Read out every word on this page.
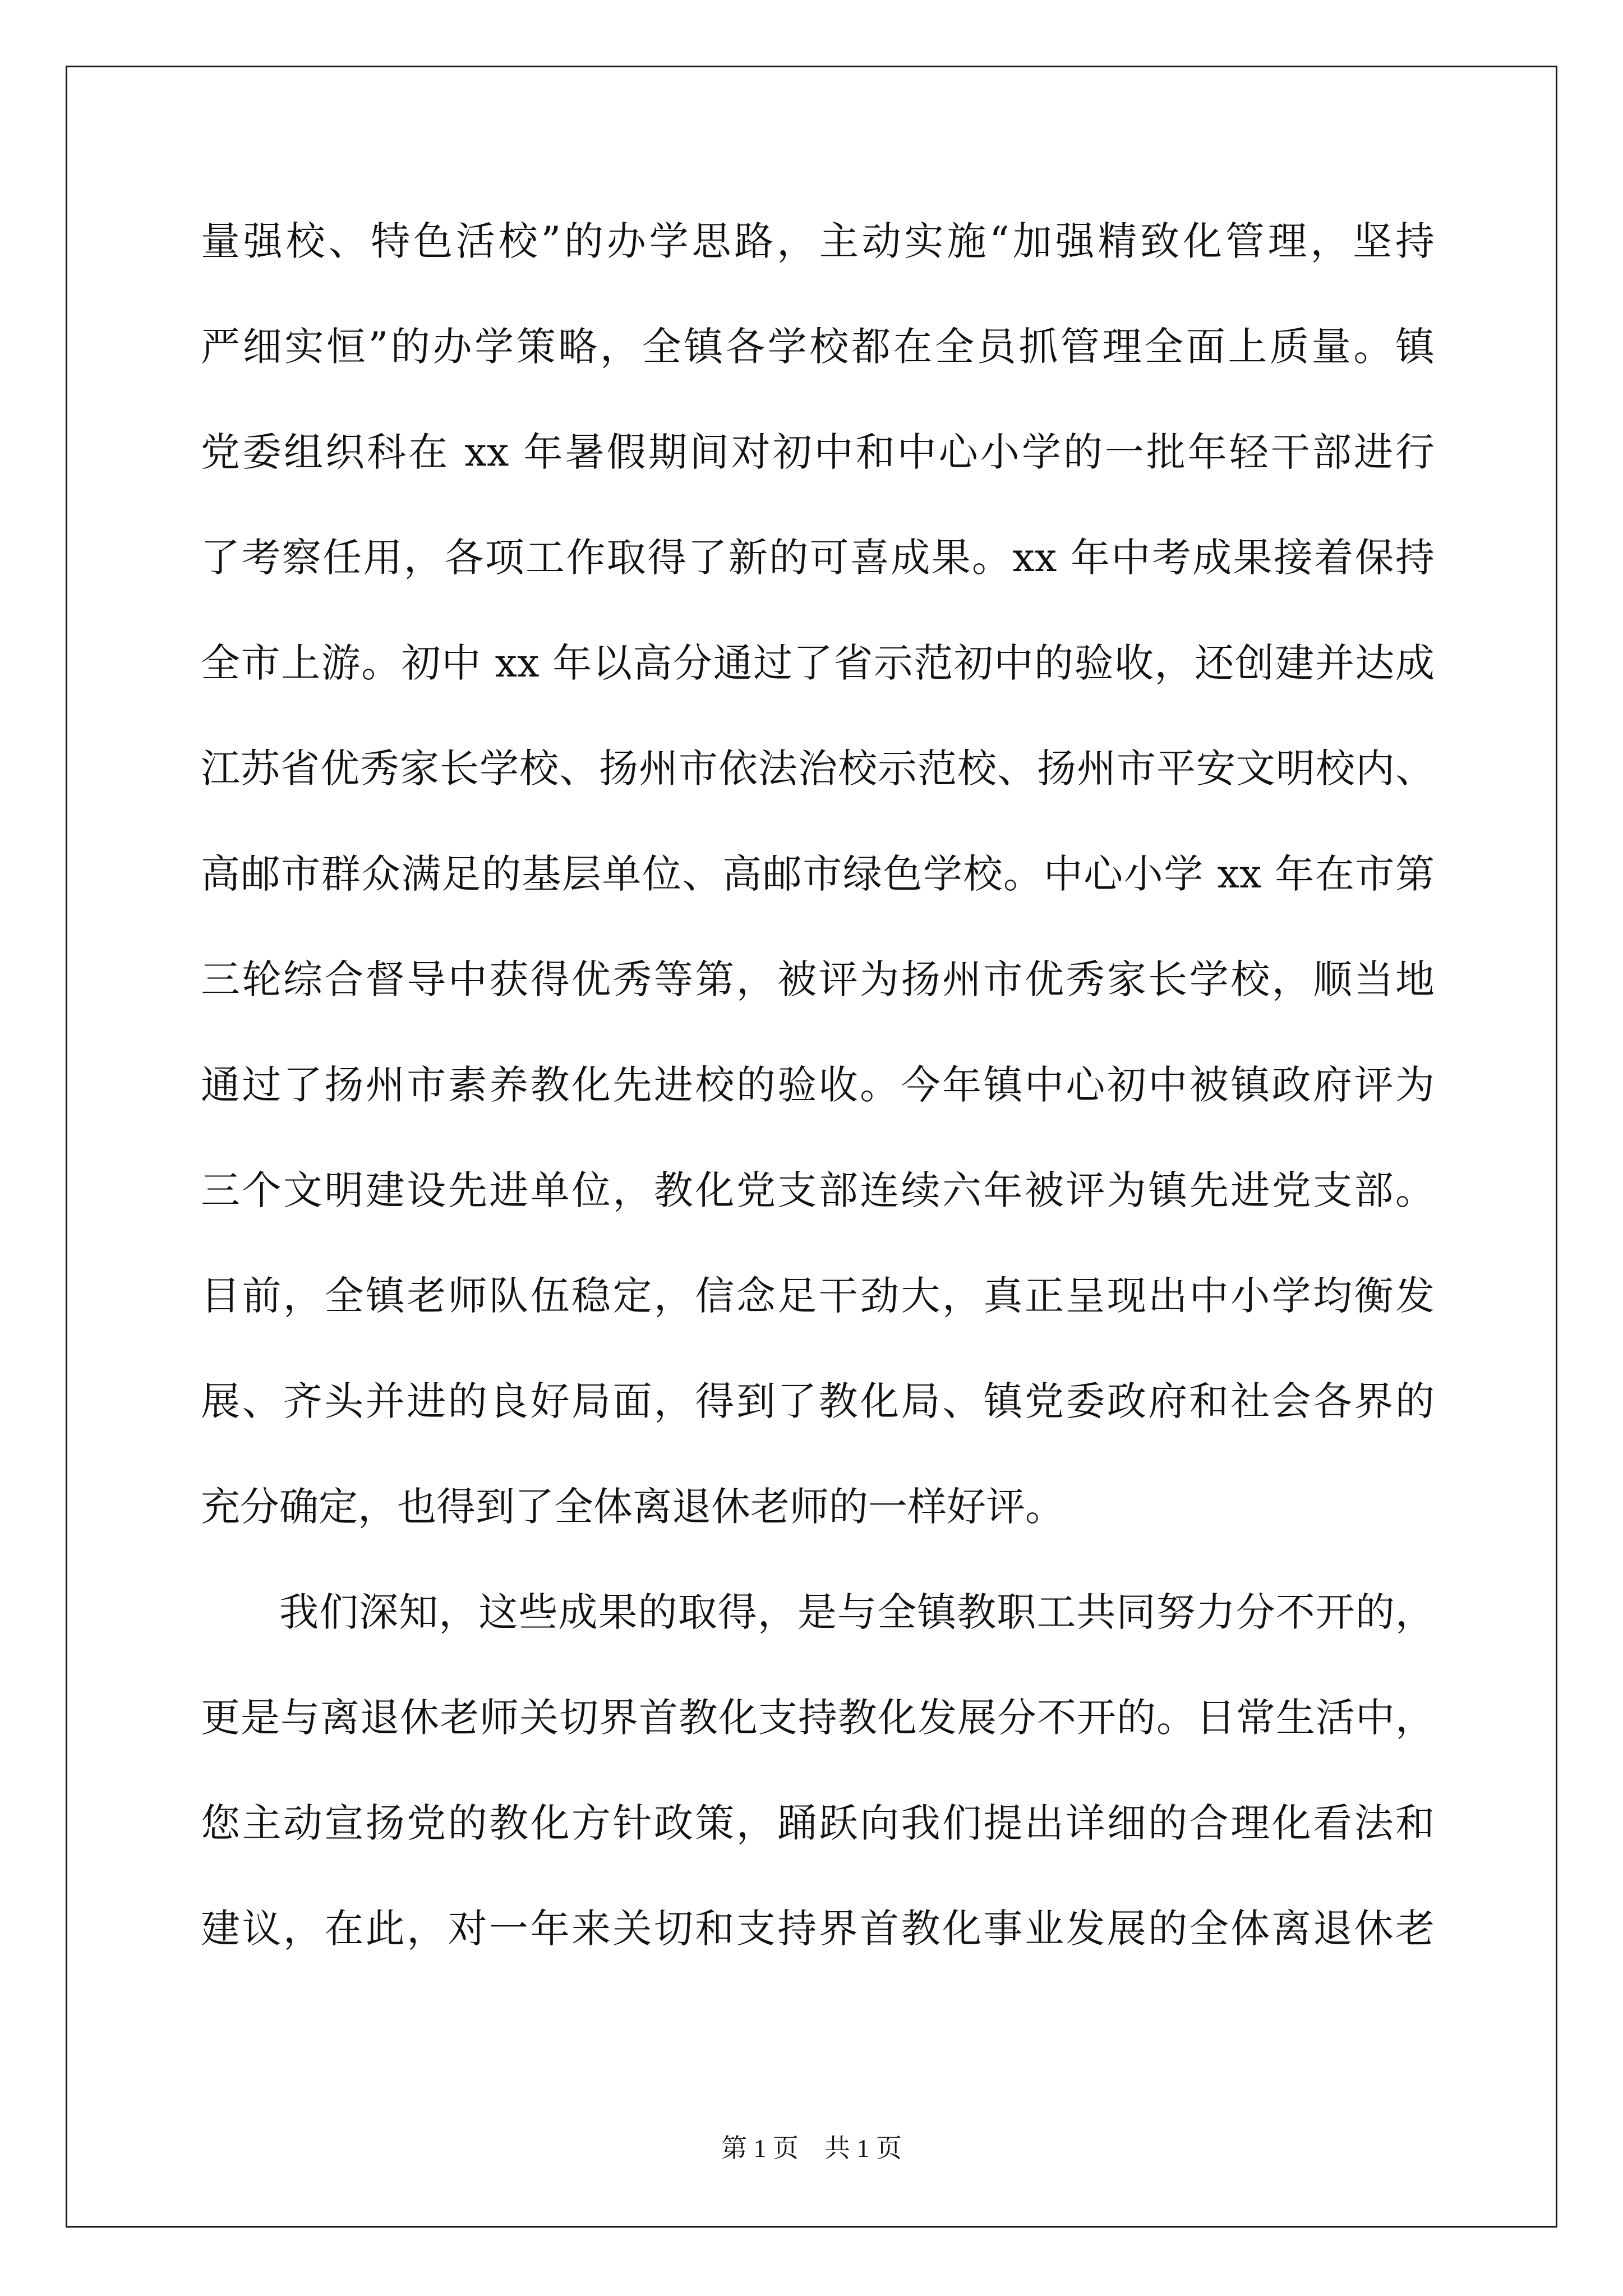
量强校、特色活校”的办学思路，主动实施“加强精致化管理，坚持
严细实恒”的办学策略，全镇各学校都在全员抓管理全面上质量。镇
党委组织科在 xx 年暑假期间对初中和中心小学的一批年轻干部进行
了考察任用，各项工作取得了新的可喜成果。xx 年中考成果接着保持
全市上游。初中 xx 年以高分通过了省示范初中的验收，还创建并达成
江苏省优秀家长学校、扬州市依法治校示范校、扬州市平安文明校内、
高邮市群众满足的基层单位、高邮市绿色学校。中心小学 xx 年在市第
三轮综合督导中获得优秀等第，被评为扬州市优秀家长学校，顺当地
通过了扬州市素养教化先进校的验收。今年镇中心初中被镇政府评为
三个文明建设先进单位，教化党支部连续六年被评为镇先进党支部。
目前，全镇老师队伍稳定，信念足干劲大，真正呈现出中小学均衡发
展、齐头并进的良好局面，得到了教化局、镇党委政府和社会各界的
充分确定，也得到了全体离退休老师的一样好评。
我们深知，这些成果的取得，是与全镇教职工共同努力分不开的，
更是与离退休老师关切界首教化支持教化发展分不开的。日常生活中，
您主动宣扬党的教化方针政策，踊跃向我们提出详细的合理化看法和
建议，在此，对一年来关切和支持界首教化事业发展的全体离退休老
第 1 页    共 1 页
